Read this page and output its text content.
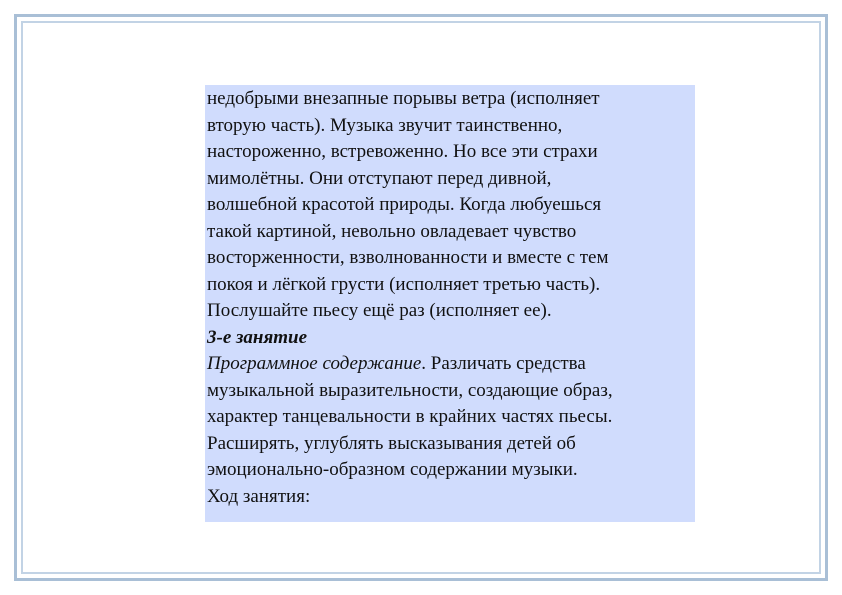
недобрыми внезапные порывы ветра (исполняет
вторую часть). Музыка звучит таинственно,
настороженно, встревоженно. Но все эти страхи
мимолётны. Они отступают перед дивной,
волшебной красотой природы. Когда любуешься
такой картиной, невольно овладевает чувство
восторженности, взволнованности и вместе с тем
покоя и лёгкой грусти (исполняет третью часть).
Послушайте пьесу ещё раз (исполняет ее).

3-е занятие

Программное содержание. Различать средства
музыкальной выразительности, создающие образ,
характер танцевальности в крайних частях пьесы.
Расширять, углублять высказывания детей об
эмоционально-образном содержании музыки.

Ход занятия:
